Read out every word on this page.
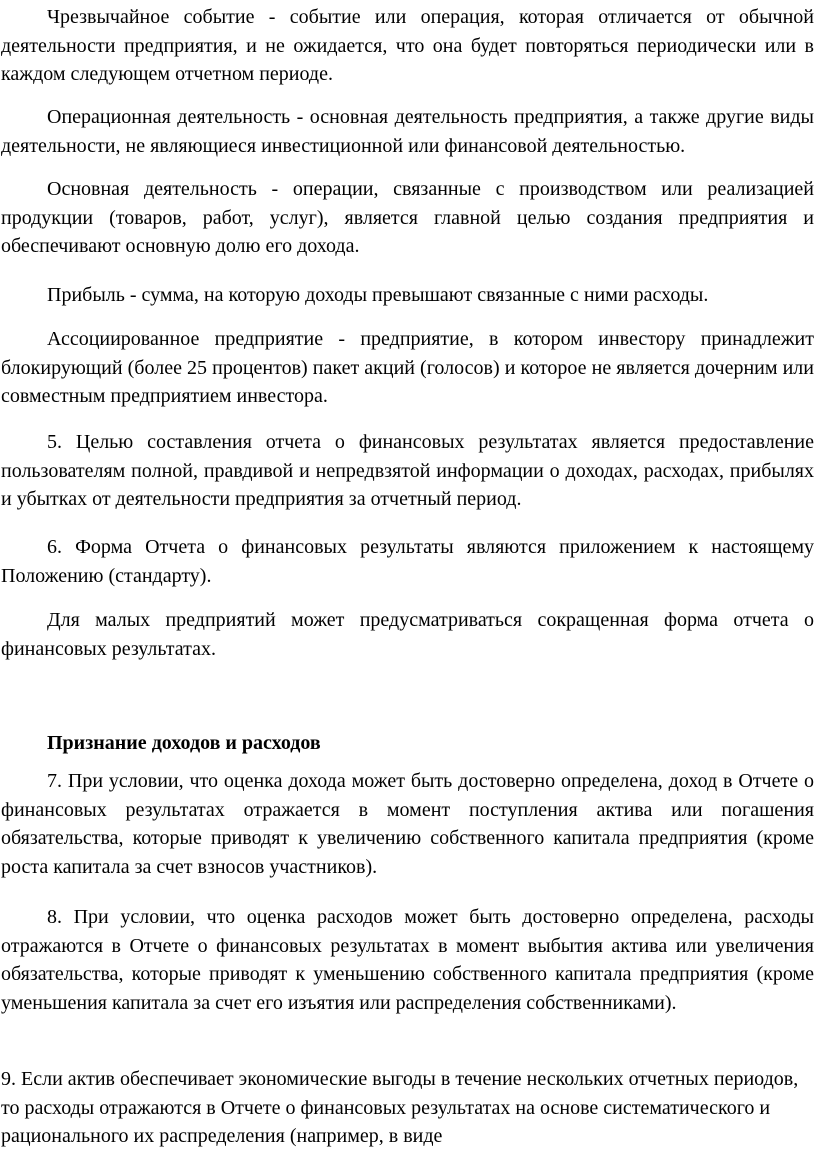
Чрезвычайное событие - событие или операция, которая отличается от обычной деятельности предприятия, и не ожидается, что она будет повторяться периодически или в каждом следующем отчетном периоде.

Операционная деятельность - основная деятельность предприятия, а также другие виды деятельности, не являющиеся инвестиционной или финансовой деятельностью.

Основная деятельность - операции, связанные с производством или реализацией продукции (товаров, работ, услуг), является главной целью создания предприятия и обеспечивают основную долю его дохода.

Прибыль - сумма, на которую доходы превышают связанные с ними расходы.

Ассоциированное предприятие - предприятие, в котором инвестору принадлежит блокирующий (более 25 процентов) пакет акций (голосов) и которое не является дочерним или совместным предприятием инвестора.

5. Целью составления отчета о финансовых результатах является предоставление пользователям полной, правдивой и непредвзятой информации о доходах, расходах, прибылях и убытках от деятельности предприятия за отчетный период.

6. Форма Отчета о финансовых результаты являются приложением к настоящему Положению (стандарту).

Для малых предприятий может предусматриваться сокращенная форма отчета о финансовых результатах.

Признание доходов и расходов

7. При условии, что оценка дохода может быть достоверно определена, доход в Отчете о финансовых результатах отражается в момент поступления актива или погашения обязательства, которые приводят к увеличению собственного капитала предприятия (кроме роста капитала за счет взносов участников).

8. При условии, что оценка расходов может быть достоверно определена, расходы отражаются в Отчете о финансовых результатах в момент выбытия актива или увеличения обязательства, которые приводят к уменьшению собственного капитала предприятия (кроме уменьшения капитала за счет его изъятия или распределения собственниками).

9. Если актив обеспечивает экономические выгоды в течение нескольких отчетных периодов, то расходы отражаются в Отчете о финансовых результатах на основе систематического и рационального их распределения (например, в виде
